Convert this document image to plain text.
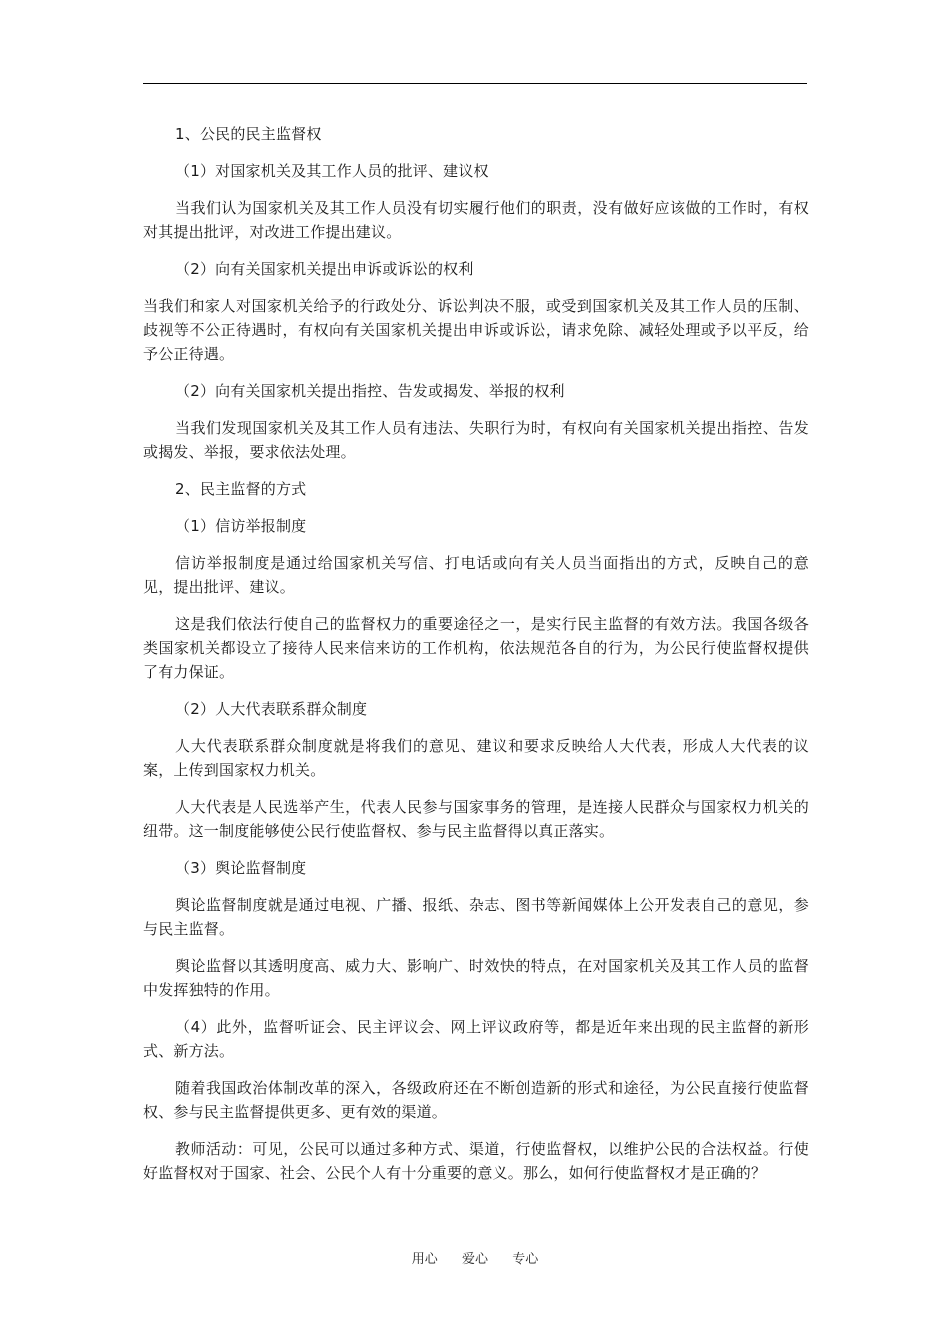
1、公民的民主监督权

（1）对国家机关及其工作人员的批评、建议权

当我们认为国家机关及其工作人员没有切实履行他们的职责，没有做好应该做的工作时，有权对其提出批评，对改进工作提出建议。

（2）向有关国家机关提出申诉或诉讼的权利

当我们和家人对国家机关给予的行政处分、诉讼判决不服，或受到国家机关及其工作人员的压制、歧视等不公正待遇时，有权向有关国家机关提出申诉或诉讼，请求免除、减轻处理或予以平反，给予公正待遇。

（2）向有关国家机关提出指控、告发或揭发、举报的权利

当我们发现国家机关及其工作人员有违法、失职行为时，有权向有关国家机关提出指控、告发或揭发、举报，要求依法处理。

2、民主监督的方式

（1）信访举报制度

信访举报制度是通过给国家机关写信、打电话或向有关人员当面指出的方式，反映自己的意见，提出批评、建议。

这是我们依法行使自己的监督权力的重要途径之一，是实行民主监督的有效方法。我国各级各类国家机关都设立了接待人民来信来访的工作机构，依法规范各自的行为，为公民行使监督权提供了有力保证。

（2）人大代表联系群众制度

人大代表联系群众制度就是将我们的意见、建议和要求反映给人大代表，形成人大代表的议案，上传到国家权力机关。

人大代表是人民选举产生，代表人民参与国家事务的管理，是连接人民群众与国家权力机关的纽带。这一制度能够使公民行使监督权、参与民主监督得以真正落实。

（3）舆论监督制度

舆论监督制度就是通过电视、广播、报纸、杂志、图书等新闻媒体上公开发表自己的意见，参与民主监督。

舆论监督以其透明度高、威力大、影响广、时效快的特点，在对国家机关及其工作人员的监督中发挥独特的作用。

（4）此外，监督听证会、民主评议会、网上评议政府等，都是近年来出现的民主监督的新形式、新方法。

随着我国政治体制改革的深入，各级政府还在不断创造新的形式和途径，为公民直接行使监督权、参与民主监督提供更多、更有效的渠道。

教师活动：可见，公民可以通过多种方式、渠道，行使监督权，以维护公民的合法权益。行使好监督权对于国家、社会、公民个人有十分重要的意义。那么，如何行使监督权才是正确的？

用心  爱心  专心
